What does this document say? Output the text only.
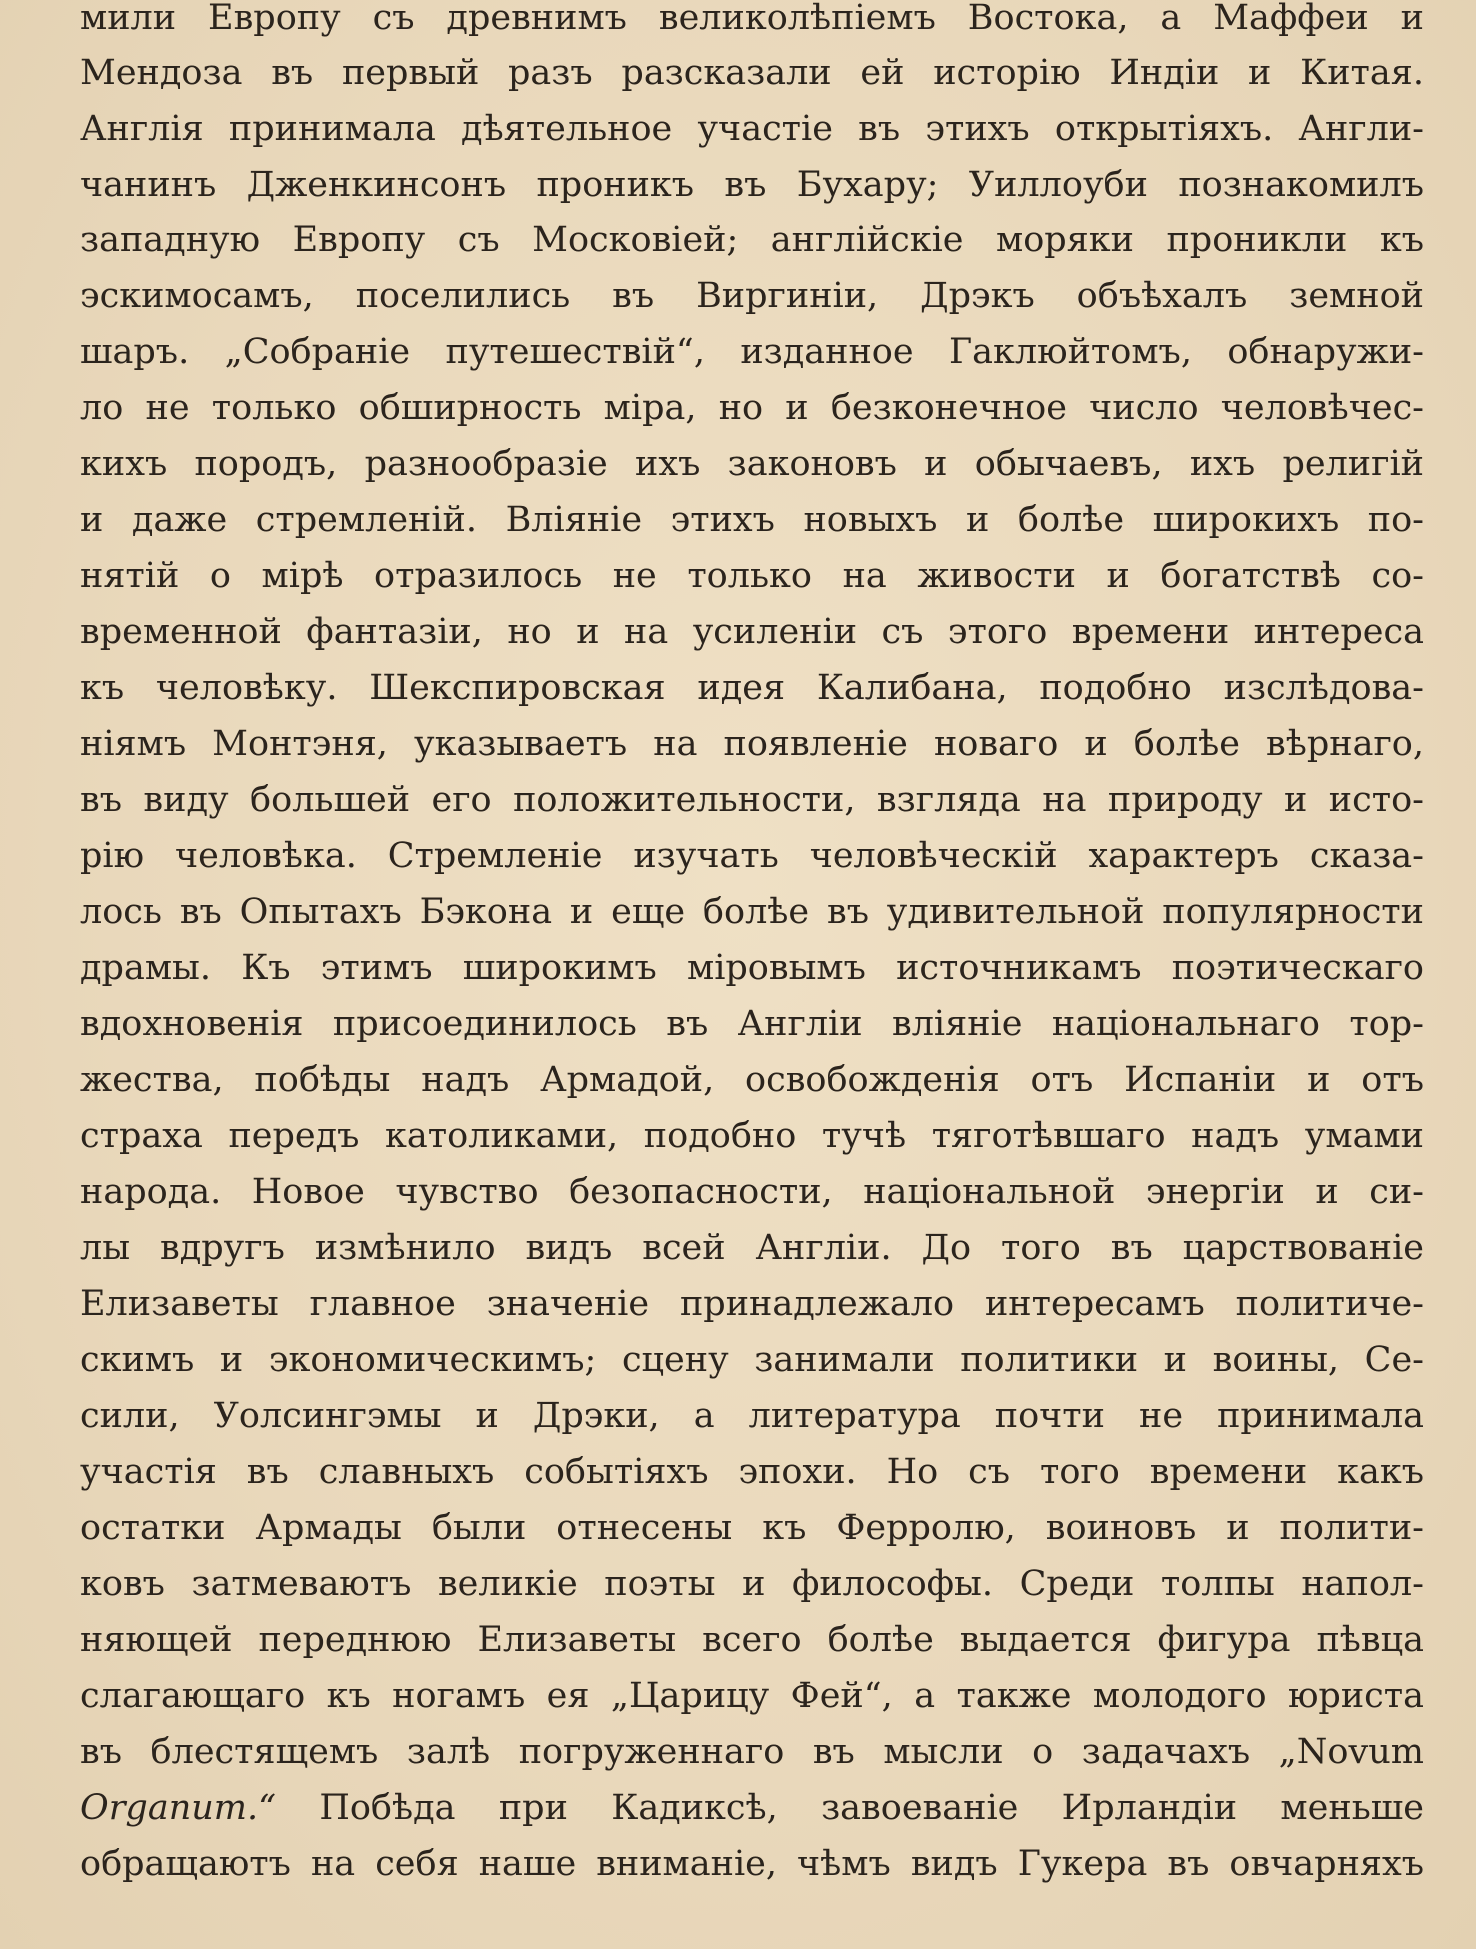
мили Европу съ древнимъ великолѣпіемъ Востока, а Маффеи и
Мендоза въ первый разъ разсказали ей исторію Индіи и Китая.
Англія принимала дѣятельное участіе въ этихъ открытіяхъ. Англи-
чанинъ Дженкинсонъ проникъ въ Бухару; Уиллоуби познакомилъ
западную Европу съ Московіей; англійскіе моряки проникли къ
эскимосамъ, поселились въ Виргиніи, Дрэкъ объѣхалъ земной
шаръ. „Собраніе путешествій“, изданное Гаклюйтомъ, обнаружи-
ло не только обширность міра, но и безконечное число человѣчес-
кихъ породъ, разнообразіе ихъ законовъ и обычаевъ, ихъ религій
и даже стремленій. Вліяніе этихъ новыхъ и болѣе широкихъ по-
нятій о мірѣ отразилось не только на живости и богатствѣ со-
временной фантазіи, но и на усиленіи съ этого времени интереса
къ человѣку. Шекспировская идея Калибана, подобно изслѣдова-
ніямъ Монтэня, указываетъ на появленіе новаго и болѣе вѣрнаго,
въ виду большей его положительности, взгляда на природу и исто-
рію человѣка. Стремленіе изучать человѣческій характеръ сказа-
лось въ Опытахъ Бэкона и еще болѣе въ удивительной популярности
драмы. Къ этимъ широкимъ міровымъ источникамъ поэтическаго
вдохновенія присоединилось въ Англіи вліяніе національнаго тор-
жества, побѣды надъ Армадой, освобожденія отъ Испаніи и отъ
страха передъ католиками, подобно тучѣ тяготѣвшаго надъ умами
народа. Новое чувство безопасности, національной энергіи и си-
лы вдругъ измѣнило видъ всей Англіи. До того въ царствованіе
Елизаветы главное значеніе принадлежало интересамъ политиче-
скимъ и экономическимъ; сцену занимали политики и воины, Се-
сили, Уолсингэмы и Дрэки, а литература почти не принимала
участія въ славныхъ событіяхъ эпохи. Но съ того времени какъ
остатки Армады были отнесены къ Ферролю, воиновъ и полити-
ковъ затмеваютъ великіе поэты и философы. Среди толпы напол-
няющей переднюю Елизаветы всего болѣе выдается фигура пѣвца
слагающаго къ ногамъ ея „Царицу Фей“, а также молодого юриста
въ блестящемъ залѣ погруженнаго въ мысли о задачахъ „Novum
Organum.“ Побѣда при Кадиксѣ, завоеваніе Ирландіи меньше
обращаютъ на себя наше вниманіе, чѣмъ видъ Гукера въ овчарняхъ
